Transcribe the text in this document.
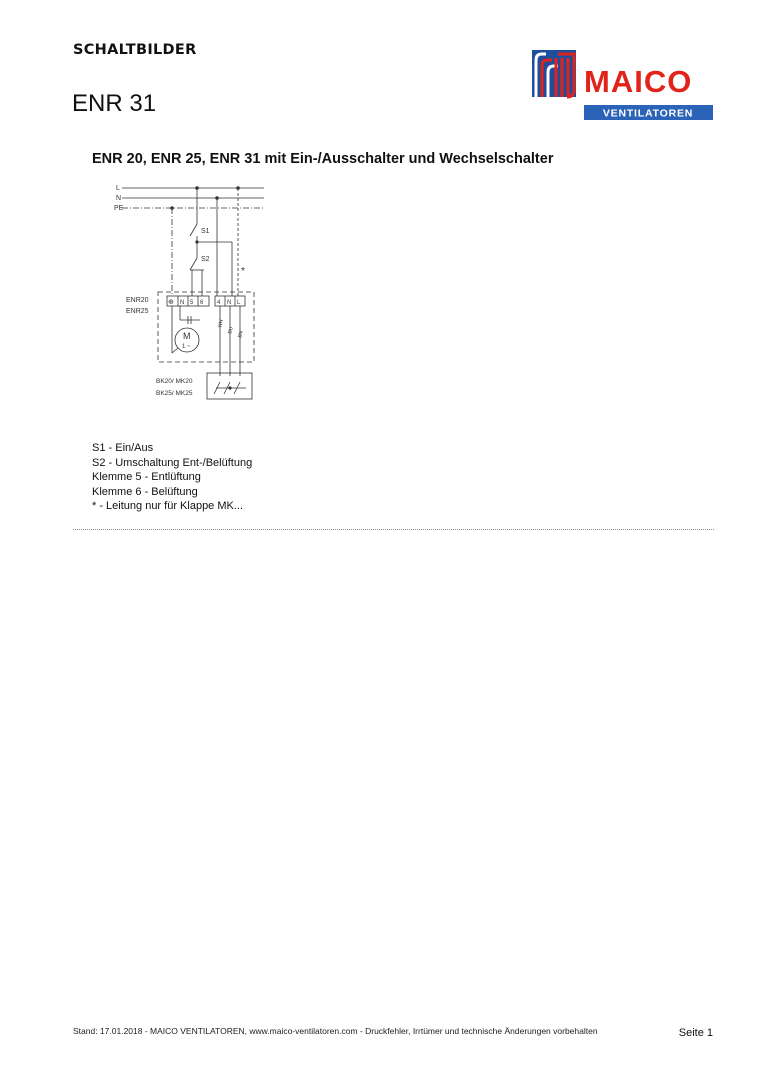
SCHALTBILDER
ENR 31
MAICO
VENTILATOREN
ENR 20, ENR 25, ENR 31 mit Ein-/Ausschalter und Wechselschalter
L
N
PE
S1
S2
*
ENR20
ENR25
⊕ N 5 6 4 N L
M
1 ~
WH
BU BN
BK20/ MK20
BK25/ MK25
S1 - Ein/Aus
S2 - Umschaltung Ent-/Belüftung
Klemme 5 - Entlüftung
Klemme 6 - Belüftung
* - Leitung nur für Klappe MK...
Stand: 17.01.2018 - MAICO VENTILATOREN, www.maico-ventilatoren.com - Druckfehler, Irrtümer und technische Änderungen vorbehalten	Seite 1
